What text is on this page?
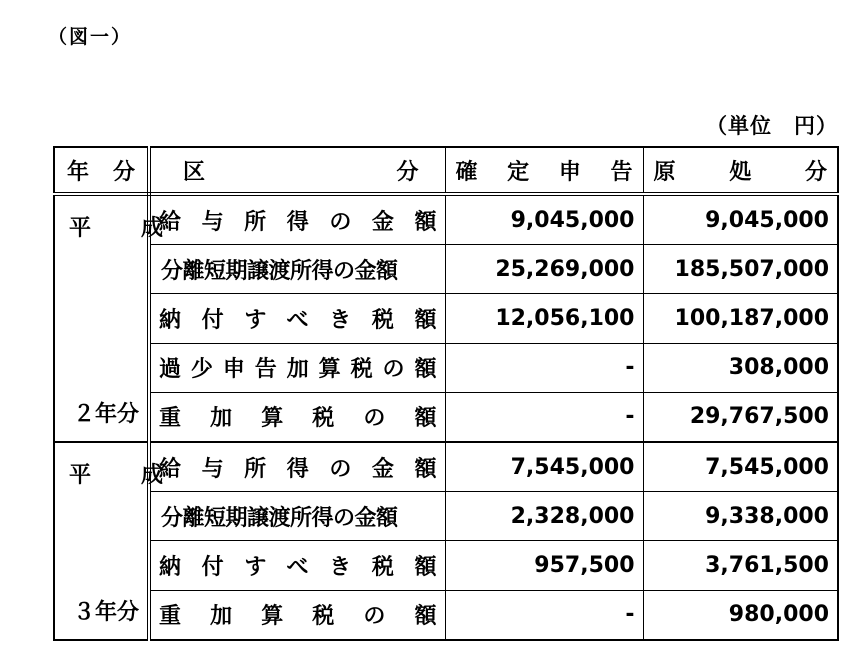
（図一）
（単位　円）
年 分	区 分	確 定 申 告	原 処 分

平　成
２年分	給与所得の金額	9,045,000	9,045,000
	分離短期譲渡所得の金額	25,269,000	185,507,000
	納付すべき税額	12,056,100	100,187,000
	過少申告加算税の額	-	308,000
	重加算税の額	-	29,767,500

平　成
３年分	給与所得の金額	7,545,000	7,545,000
	分離短期譲渡所得の金額	2,328,000	9,338,000
	納付すべき税額	957,500	3,761,500
	重加算税の額	-	980,000
